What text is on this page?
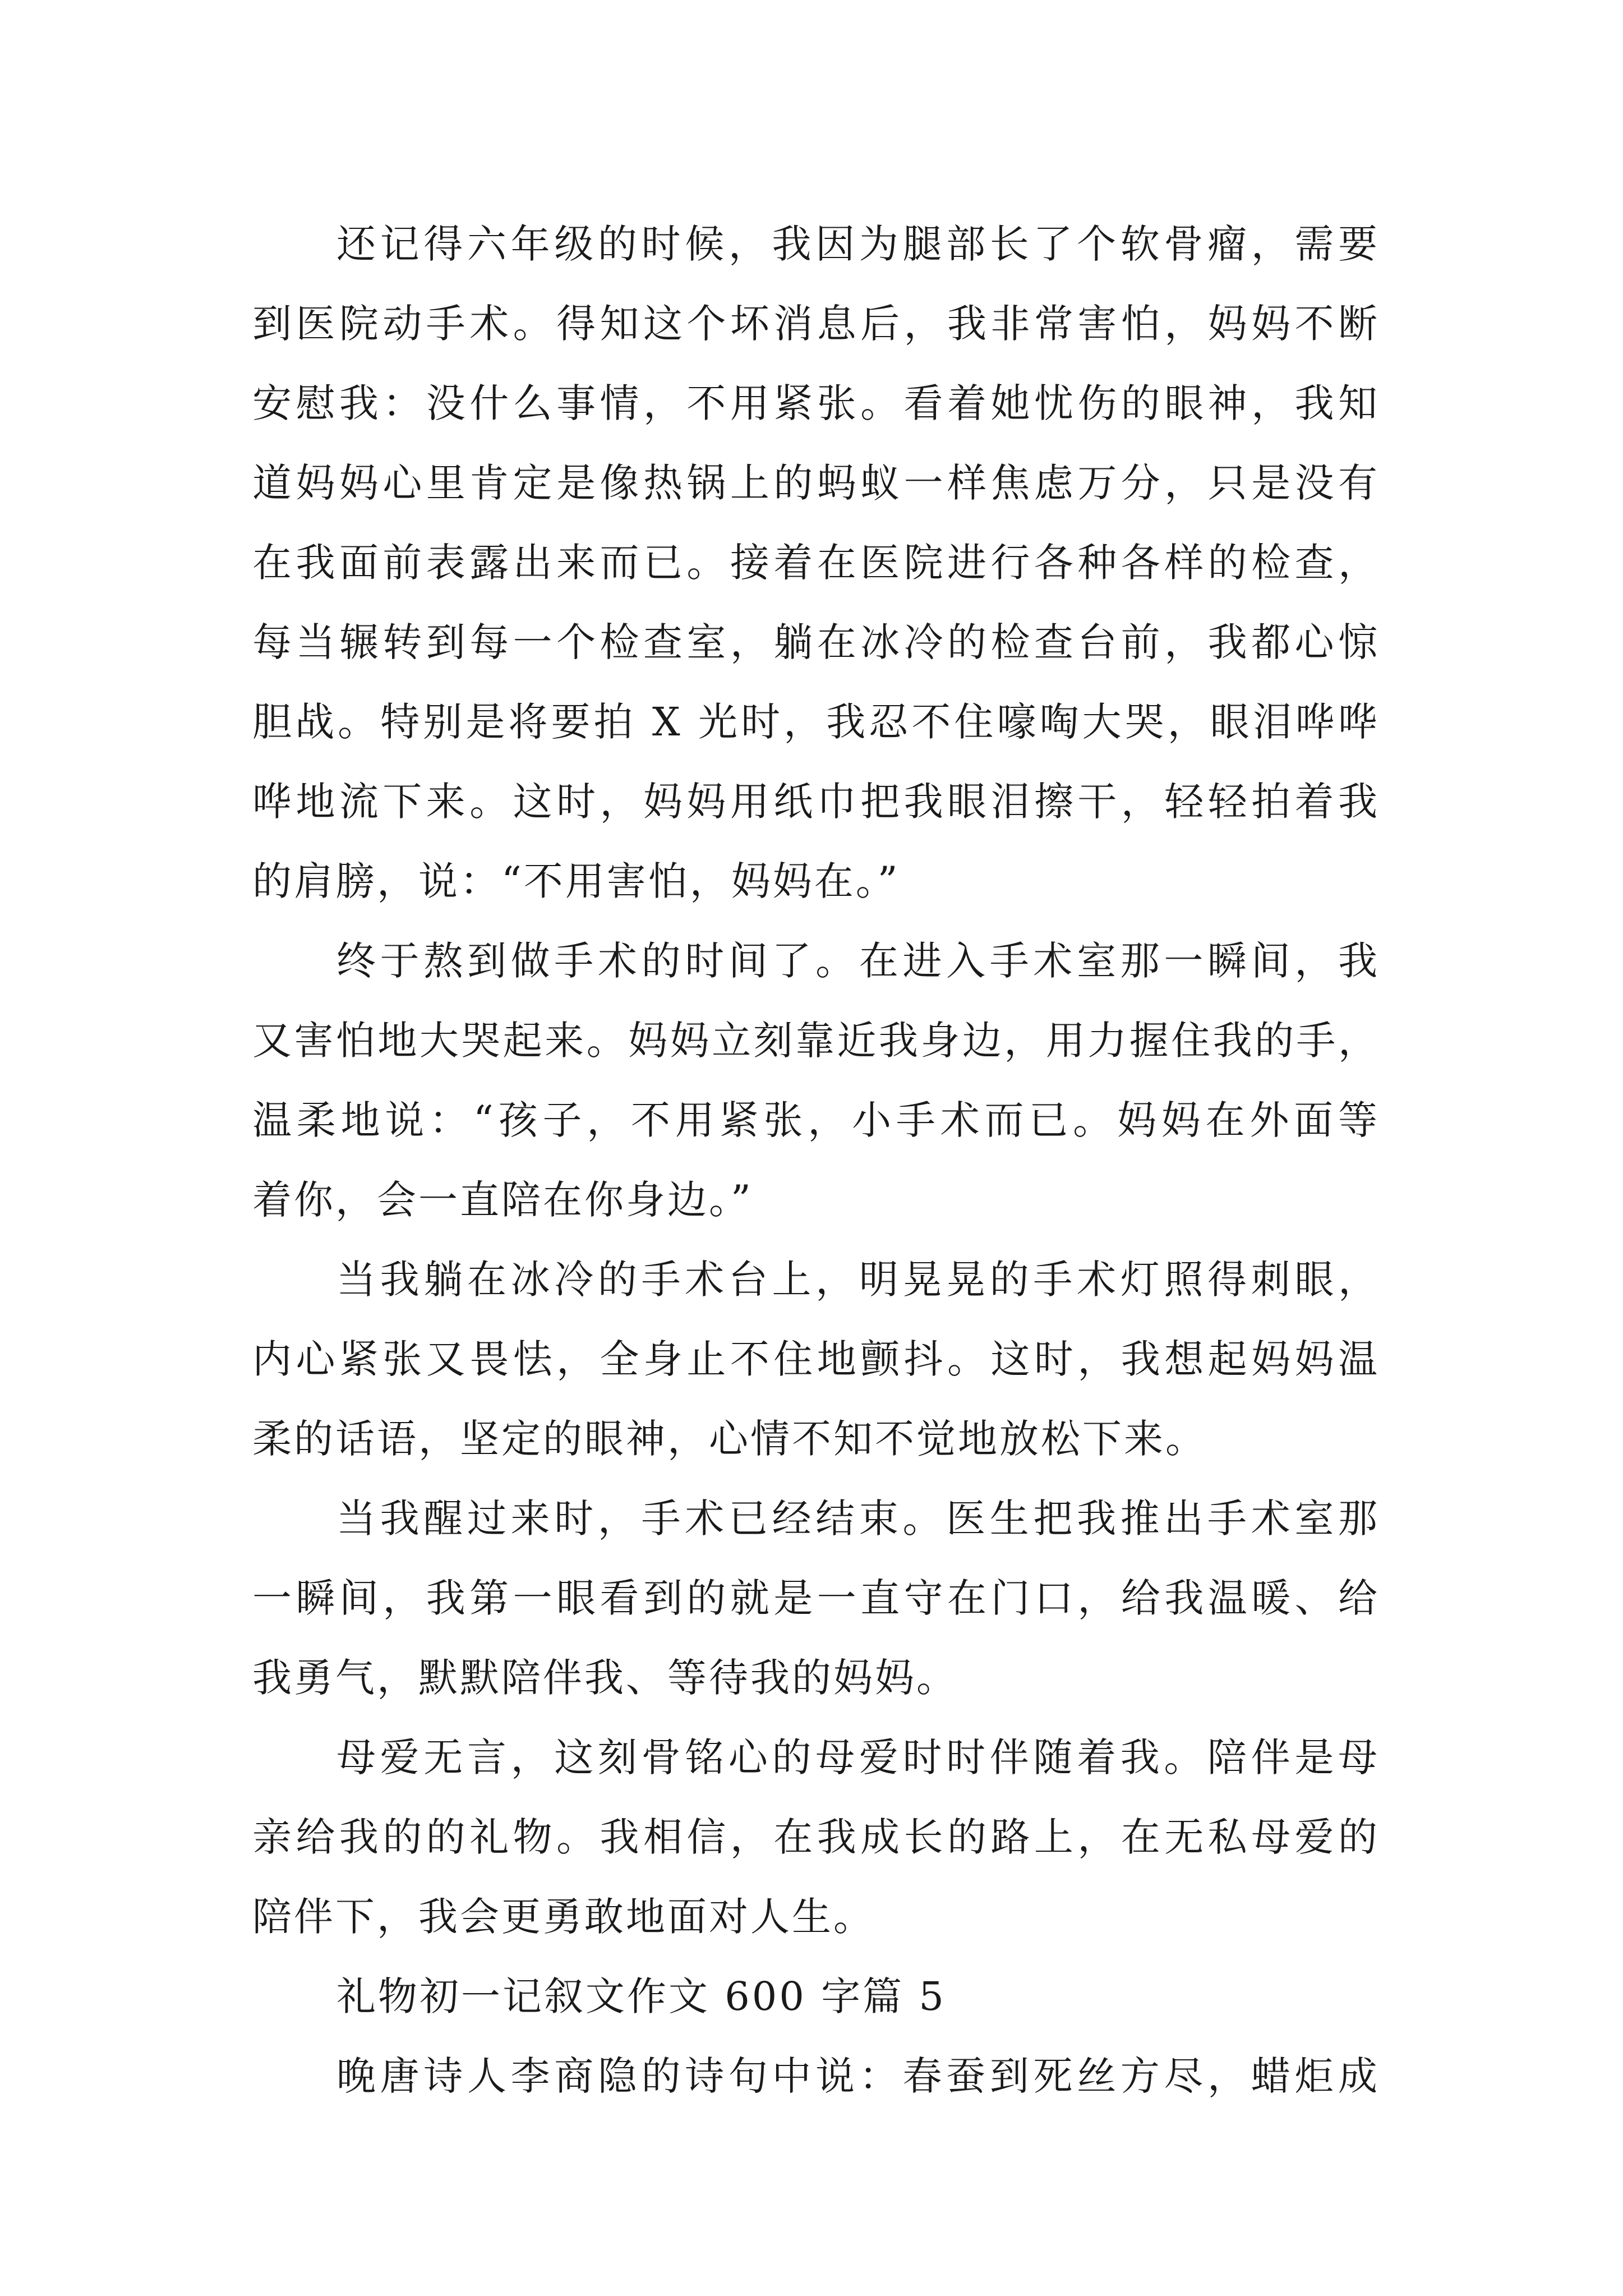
还记得六年级的时候，我因为腿部长了个软骨瘤，需要
到医院动手术。得知这个坏消息后，我非常害怕，妈妈不断
安慰我：没什么事情，不用紧张。看着她忧伤的眼神，我知
道妈妈心里肯定是像热锅上的蚂蚁一样焦虑万分，只是没有
在我面前表露出来而已。接着在医院进行各种各样的检查，
每当辗转到每一个检查室，躺在冰冷的检查台前，我都心惊
胆战。特别是将要拍 X 光时，我忍不住嚎啕大哭，眼泪哗哗
哗地流下来。这时，妈妈用纸巾把我眼泪擦干，轻轻拍着我
的肩膀，说：“不用害怕，妈妈在。”
终于熬到做手术的时间了。在进入手术室那一瞬间，我
又害怕地大哭起来。妈妈立刻靠近我身边，用力握住我的手，
温柔地说：“孩子，不用紧张，小手术而已。妈妈在外面等
着你，会一直陪在你身边。”
当我躺在冰冷的手术台上，明晃晃的手术灯照得刺眼，
内心紧张又畏怯，全身止不住地颤抖。这时，我想起妈妈温
柔的话语，坚定的眼神，心情不知不觉地放松下来。
当我醒过来时，手术已经结束。医生把我推出手术室那
一瞬间，我第一眼看到的就是一直守在门口，给我温暖、给
我勇气，默默陪伴我、等待我的妈妈。
母爱无言，这刻骨铭心的母爱时时伴随着我。陪伴是母
亲给我的的礼物。我相信，在我成长的路上，在无私母爱的
陪伴下，我会更勇敢地面对人生。
礼物初一记叙文作文 600 字篇 5
晚唐诗人李商隐的诗句中说：春蚕到死丝方尽，蜡炬成
